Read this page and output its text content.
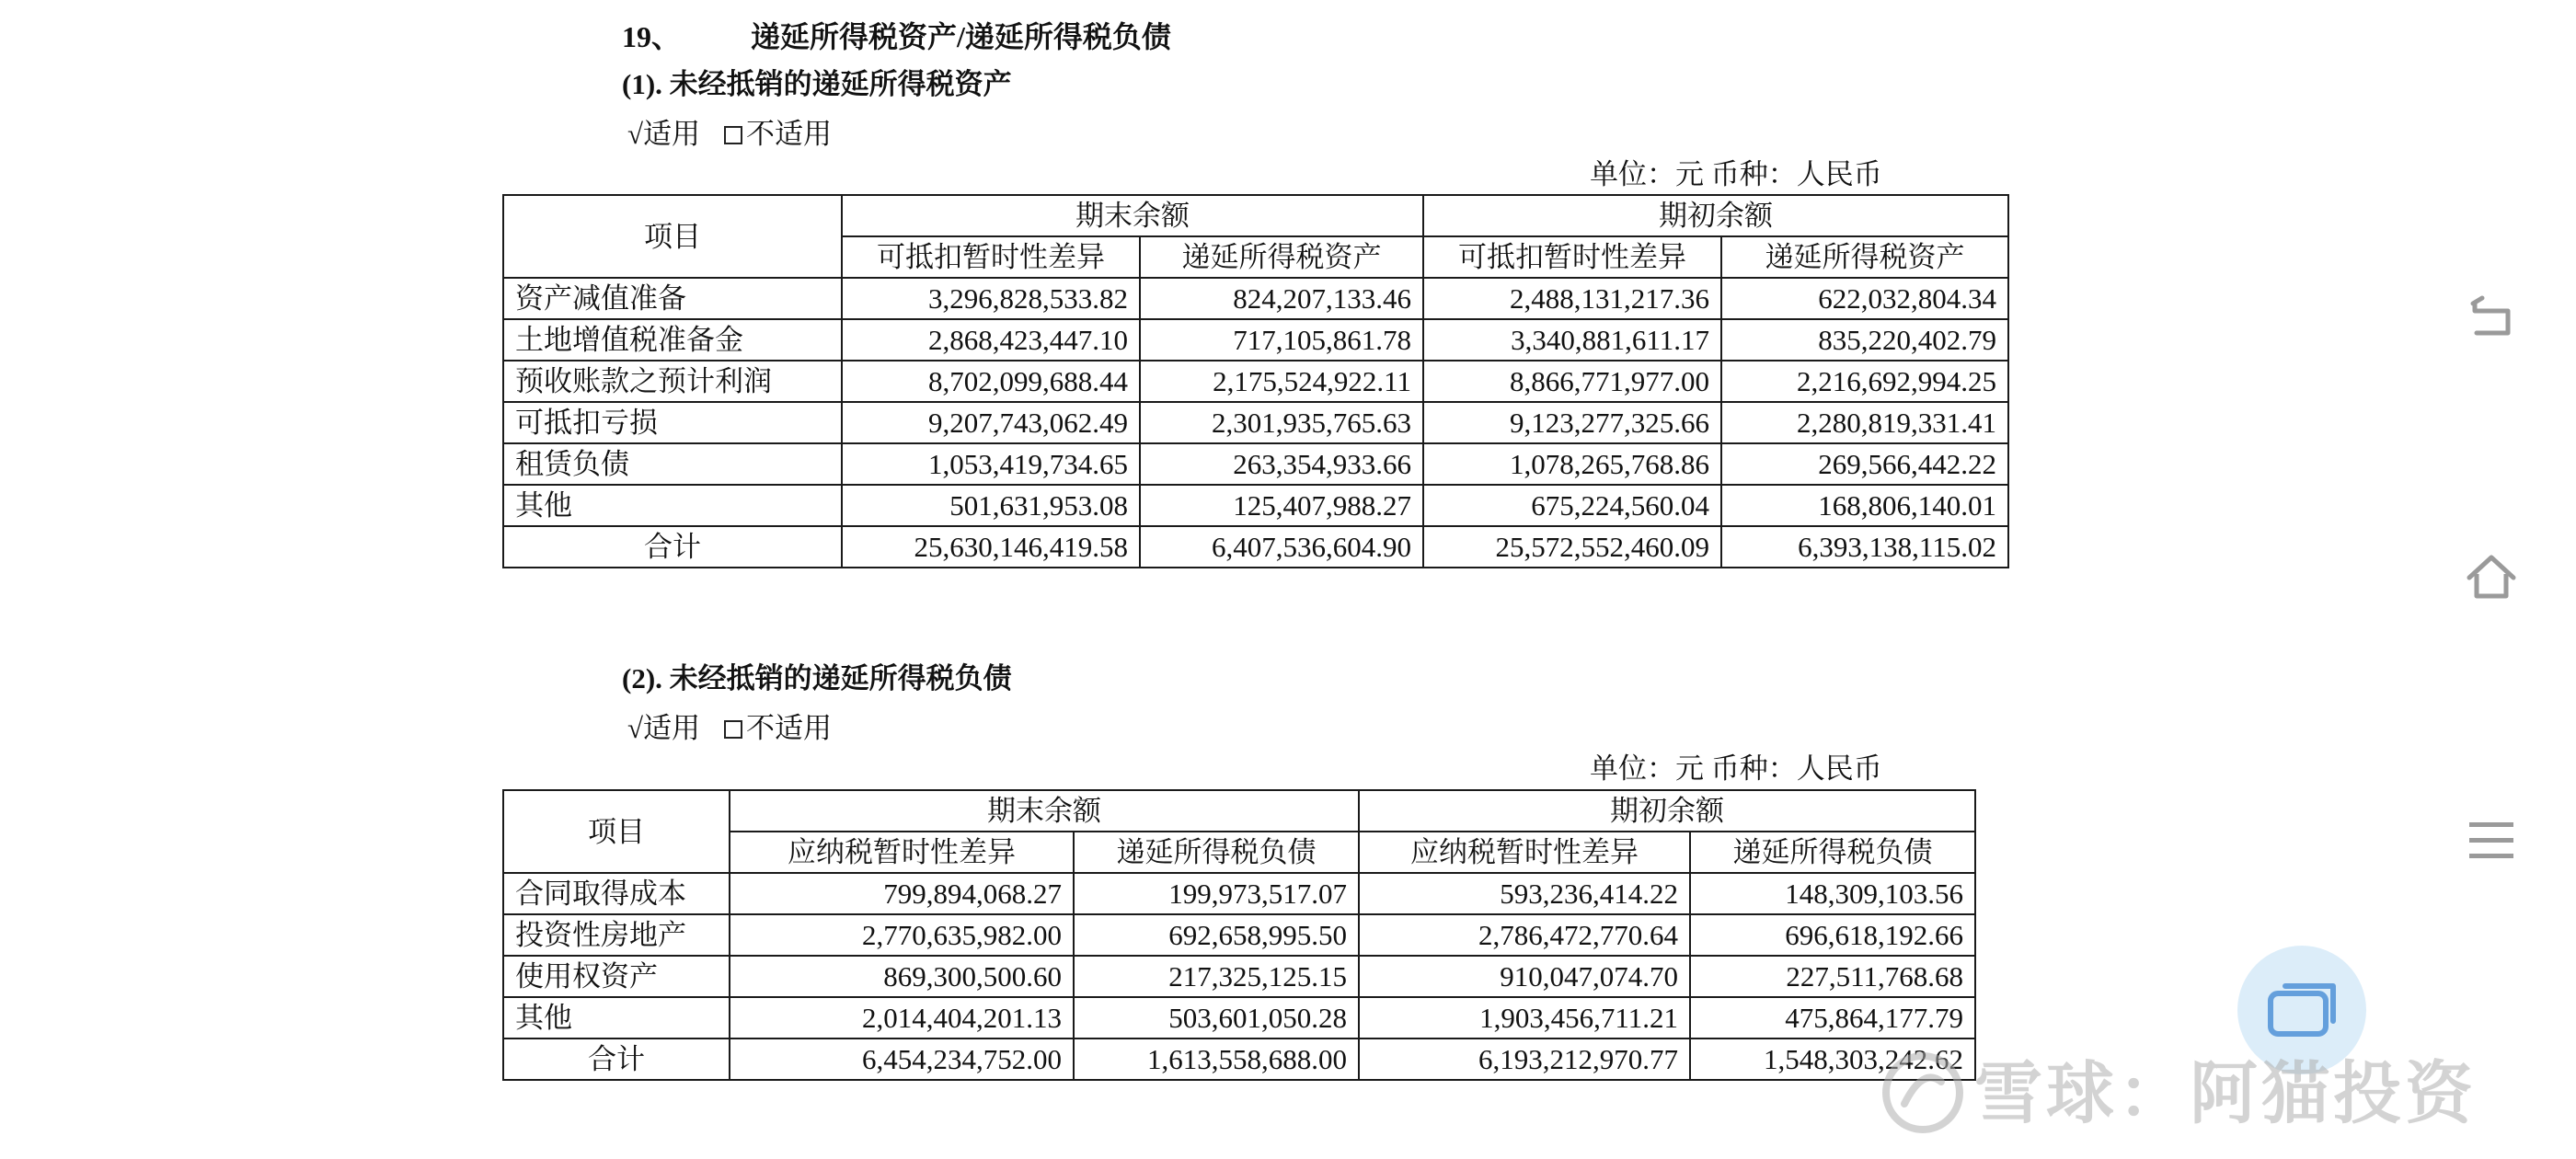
19、 递延所得税资产/递延所得税负债
(1). 未经抵销的递延所得税资产
√适用 不适用
单位：元 币种：人民币
项目	期末余额		期初余额	
	可抵扣暂时性差异	递延所得税资产	可抵扣暂时性差异	递延所得税资产
资产减值准备	3,296,828,533.82	824,207,133.46	2,488,131,217.36	622,032,804.34
土地增值税准备金	2,868,423,447.10	717,105,861.78	3,340,881,611.17	835,220,402.79
预收账款之预计利润	8,702,099,688.44	2,175,524,922.11	8,866,771,977.00	2,216,692,994.25
可抵扣亏损	9,207,743,062.49	2,301,935,765.63	9,123,277,325.66	2,280,819,331.41
租赁负债	1,053,419,734.65	263,354,933.66	1,078,265,768.86	269,566,442.22
其他	501,631,953.08	125,407,988.27	675,224,560.04	168,806,140.01
合计	25,630,146,419.58	6,407,536,604.90	25,572,552,460.09	6,393,138,115.02
(2). 未经抵销的递延所得税负债
√适用 不适用
单位：元 币种：人民币
项目	期末余额		期初余额	
	应纳税暂时性差异	递延所得税负债	应纳税暂时性差异	递延所得税负债
合同取得成本	799,894,068.27	199,973,517.07	593,236,414.22	148,309,103.56
投资性房地产	2,770,635,982.00	692,658,995.50	2,786,472,770.64	696,618,192.66
使用权资产	869,300,500.60	217,325,125.15	910,047,074.70	227,511,768.68
其他	2,014,404,201.13	503,601,050.28	1,903,456,711.21	475,864,177.79
合计	6,454,234,752.00	1,613,558,688.00	6,193,212,970.77	1,548,303,242.62 雪球：阿猫投资
